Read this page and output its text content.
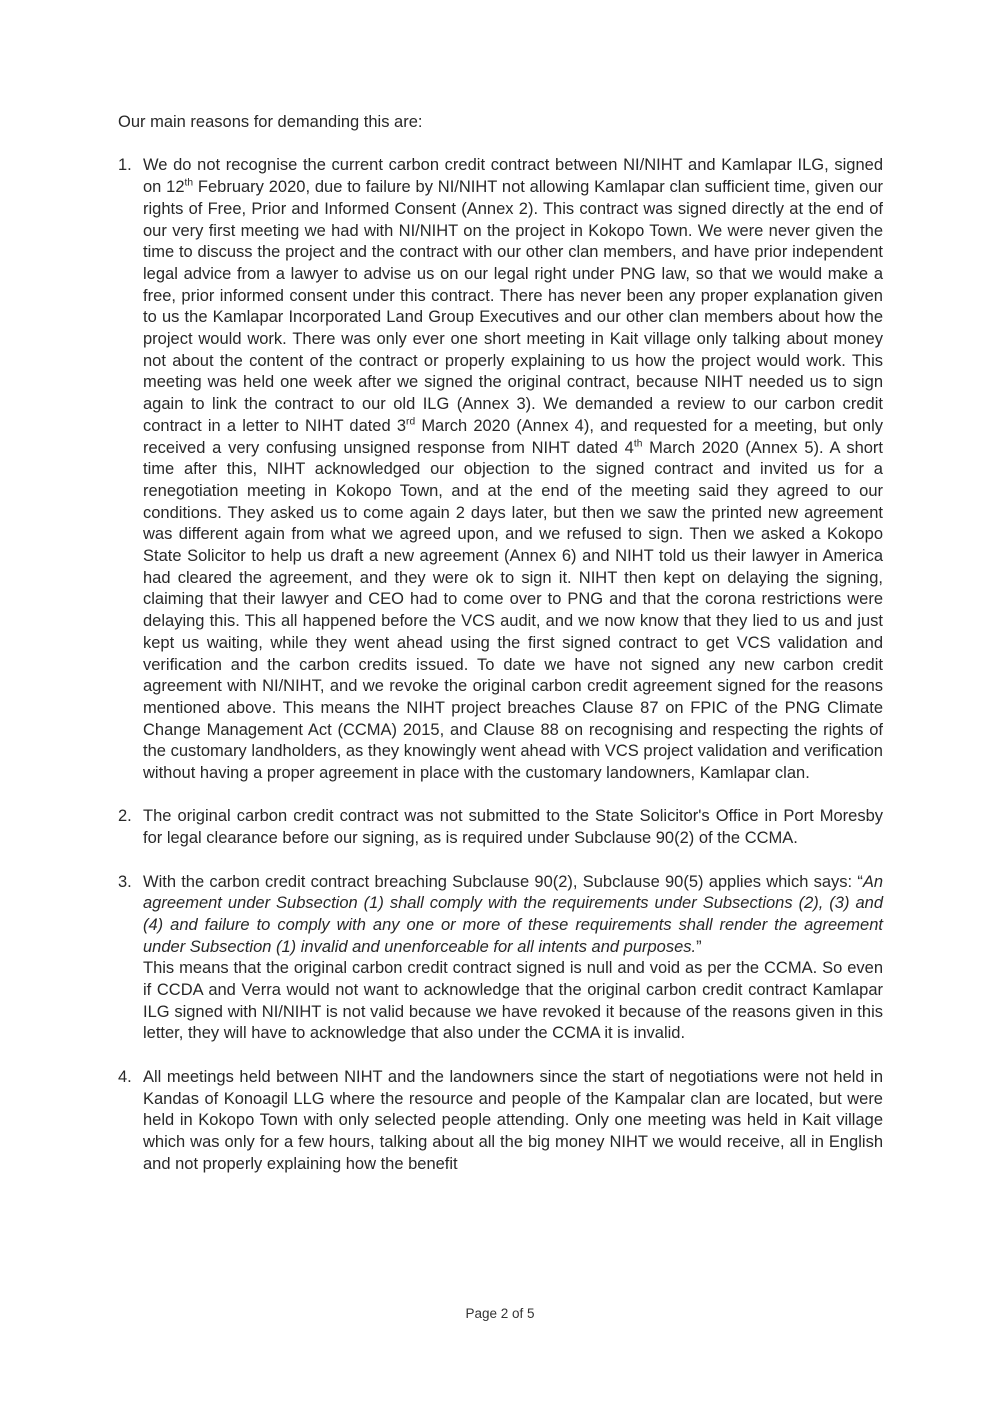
Our main reasons for demanding this are:

1. We do not recognise the current carbon credit contract between NI/NIHT and Kamlapar ILG, signed on 12th February 2020, due to failure by NI/NIHT not allowing Kamlapar clan sufficient time, given our rights of Free, Prior and Informed Consent (Annex 2). This contract was signed directly at the end of our very first meeting we had with NI/NIHT on the project in Kokopo Town. We were never given the time to discuss the project and the contract with our other clan members, and have prior independent legal advice from a lawyer to advise us on our legal right under PNG law, so that we would make a free, prior informed consent under this contract. There has never been any proper explanation given to us the Kamlapar Incorporated Land Group Executives and our other clan members about how the project would work. There was only ever one short meeting in Kait village only talking about money not about the content of the contract or properly explaining to us how the project would work. This meeting was held one week after we signed the original contract, because NIHT needed us to sign again to link the contract to our old ILG (Annex 3). We demanded a review to our carbon credit contract in a letter to NIHT dated 3rd March 2020 (Annex 4), and requested for a meeting, but only received a very confusing unsigned response from NIHT dated 4th March 2020 (Annex 5). A short time after this, NIHT acknowledged our objection to the signed contract and invited us for a renegotiation meeting in Kokopo Town, and at the end of the meeting said they agreed to our conditions. They asked us to come again 2 days later, but then we saw the printed new agreement was different again from what we agreed upon, and we refused to sign. Then we asked a Kokopo State Solicitor to help us draft a new agreement (Annex 6) and NIHT told us their lawyer in America had cleared the agreement, and they were ok to sign it. NIHT then kept on delaying the signing, claiming that their lawyer and CEO had to come over to PNG and that the corona restrictions were delaying this. This all happened before the VCS audit, and we now know that they lied to us and just kept us waiting, while they went ahead using the first signed contract to get VCS validation and verification and the carbon credits issued. To date we have not signed any new carbon credit agreement with NI/NIHT, and we revoke the original carbon credit agreement signed for the reasons mentioned above. This means the NIHT project breaches Clause 87 on FPIC of the PNG Climate Change Management Act (CCMA) 2015, and Clause 88 on recognising and respecting the rights of the customary landholders, as they knowingly went ahead with VCS project validation and verification without having a proper agreement in place with the customary landowners, Kamlapar clan.
2. The original carbon credit contract was not submitted to the State Solicitor's Office in Port Moresby for legal clearance before our signing, as is required under Subclause 90(2) of the CCMA.
3. With the carbon credit contract breaching Subclause 90(2), Subclause 90(5) applies which says: “An agreement under Subsection (1) shall comply with the requirements under Subsections (2), (3) and (4) and failure to comply with any one or more of these requirements shall render the agreement under Subsection (1) invalid and unenforceable for all intents and purposes.”
This means that the original carbon credit contract signed is null and void as per the CCMA. So even if CCDA and Verra would not want to acknowledge that the original carbon credit contract Kamlapar ILG signed with NI/NIHT is not valid because we have revoked it because of the reasons given in this letter, they will have to acknowledge that also under the CCMA it is invalid.
4. All meetings held between NIHT and the landowners since the start of negotiations were not held in Kandas of Konoagil LLG where the resource and people of the Kampalar clan are located, but were held in Kokopo Town with only selected people attending. Only one meeting was held in Kait village which was only for a few hours, talking about all the big money NIHT we would receive, all in English and not properly explaining how the benefit
Page 2 of 5
